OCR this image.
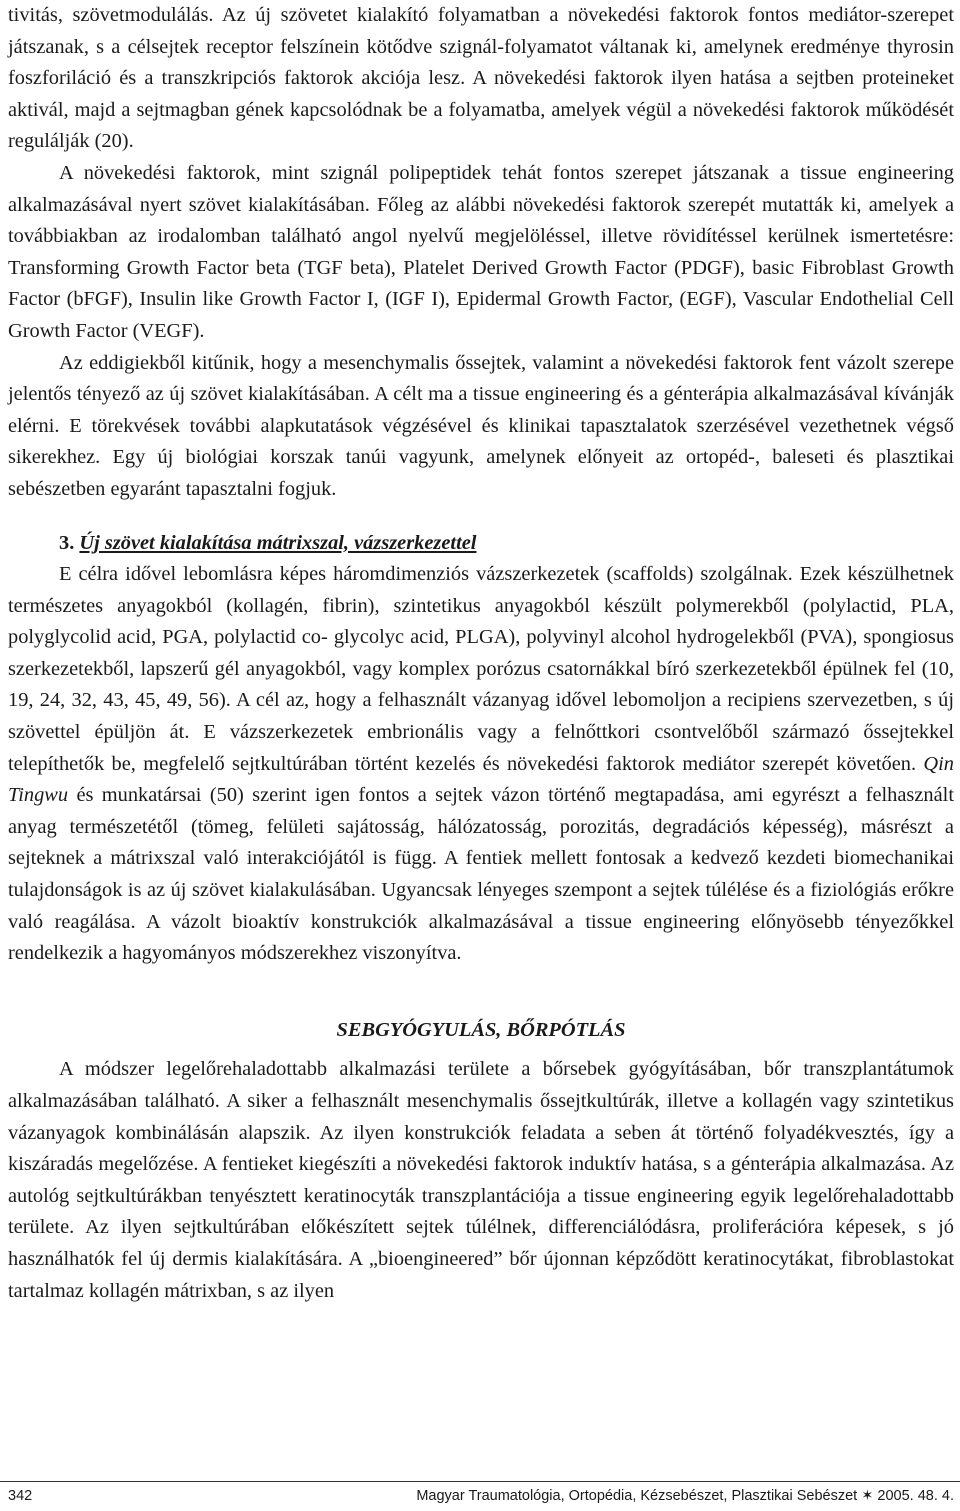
tivitás, szövetmodulálás. Az új szövetet kialakító folyamatban a növekedési faktorok fontos mediátor-szerepet játszanak, s a célsejtek receptor felszínein kötődve szignál-folyamatot váltanak ki, amelynek eredménye thyrosin foszforiláció és a transzkripciós faktorok akciója lesz. A növekedési faktorok ilyen hatása a sejtben proteineket aktivál, majd a sejtmagban gének kapcsolódnak be a folyamatba, amelyek végül a növekedési faktorok működését regulálják (20).

A növekedési faktorok, mint szignál polipeptidek tehát fontos szerepet játszanak a tissue engineering alkalmazásával nyert szövet kialakításában. Főleg az alábbi növekedési faktorok szerepét mutatták ki, amelyek a továbbiakban az irodalomban található angol nyelvű megjelöléssel, illetve rövidítéssel kerülnek ismertetésre: Transforming Growth Factor beta (TGF beta), Platelet Derived Growth Factor (PDGF), basic Fibroblast Growth Factor (bFGF), Insulin like Growth Factor I, (IGF I), Epidermal Growth Factor, (EGF), Vascular Endothelial Cell Growth Factor (VEGF).

Az eddigiekből kitűnik, hogy a mesenchymalis őssejtek, valamint a növekedési faktorok fent vázolt szerepe jelentős tényező az új szövet kialakításában. A célt ma a tissue engineering és a génterápia alkalmazásával kívánják elérni. E törekvések további alapkutatások végzésével és klinikai tapasztalatok szerzésével vezethetnek végső sikerekhez. Egy új biológiai korszak tanúi vagyunk, amelynek előnyeit az ortopéd-, baleseti és plasztikai sebészetben egyaránt tapasztalni fogjuk.

3. Új szövet kialakítása mátrixszal, vázszerkezettel

E célra idővel lebomlásra képes háromdimenziós vázszerkezetek (scaffolds) szolgálnak. Ezek készülhetnek természetes anyagokból (kollagén, fibrin), szintetikus anyagokból készült polymerekből (polylactid, PLA, polyglycolid acid, PGA, polylactid co- glycolyc acid, PLGA), polyvinyl alcohol hydrogelekből (PVA), spongiosus szerkezetekből, lapszerű gél anyagokból, vagy komplex porózus csatornákkal bíró szerkezetekből épülnek fel (10, 19, 24, 32, 43, 45, 49, 56). A cél az, hogy a felhasznált vázanyag idővel lebomoljon a recipiens szervezetben, s új szövettel épüljön át. E vázszerkezetek embrionális vagy a felnőttkori csontvelőből származó őssejtekkel telepíthetők be, megfelelő sejtkultúrában történt kezelés és növekedési faktorok mediátor szerepét követően. Qin Tingwu és munkatársai (50) szerint igen fontos a sejtek vázon történő megtapadása, ami egyrészt a felhasznált anyag természetétől (tömeg, felületi sajátosság, hálózatosság, porozitás, degradációs képesség), másrészt a sejteknek a mátrixszal való interakciójától is függ. A fentiek mellett fontosak a kedvező kezdeti biomechanikai tulajdonságok is az új szövet kialakulásában. Ugyancsak lényeges szempont a sejtek túlélése és a fiziológiás erőkre való reagálása. A vázolt bioaktív konstrukciók alkalmazásával a tissue engineering előnyösebb tényezőkkel rendelkezik a hagyományos módszerekhez viszonyítva.

SEBGYÓGYULÁS, BŐRPÓTLÁS

A módszer legelőrehaladottabb alkalmazási területe a bőrsebek gyógyításában, bőr transzplantátumok alkalmazásában található. A siker a felhasznált mesenchymalis őssejtkultúrák, illetve a kollagén vagy szintetikus vázanyagok kombinálásán alapszik. Az ilyen konstrukciók feladata a seben át történő folyadékvesztés, így a kiszáradás megelőzése. A fentieket kiegészíti a növekedési faktorok induktív hatása, s a génterápia alkalmazása. Az autológ sejtkultúrákban tenyésztett keratinocyták transzplantációja a tissue engineering egyik legelőrehaladottabb területe. Az ilyen sejtkultúrában előkészített sejtek túlélnek, differenciálódásra, proliferációra képesek, s jó használhatók fel új dermis kialakítására. A „bioengineered” bőr újonnan képződött keratinocytákat, fibroblastokat tartalmaz kollagén mátrixban, s az ilyen

342	Magyar Traumatológia, Ortopédia, Kézsebészet, Plasztikai Sebészet ✶ 2005. 48. 4.
